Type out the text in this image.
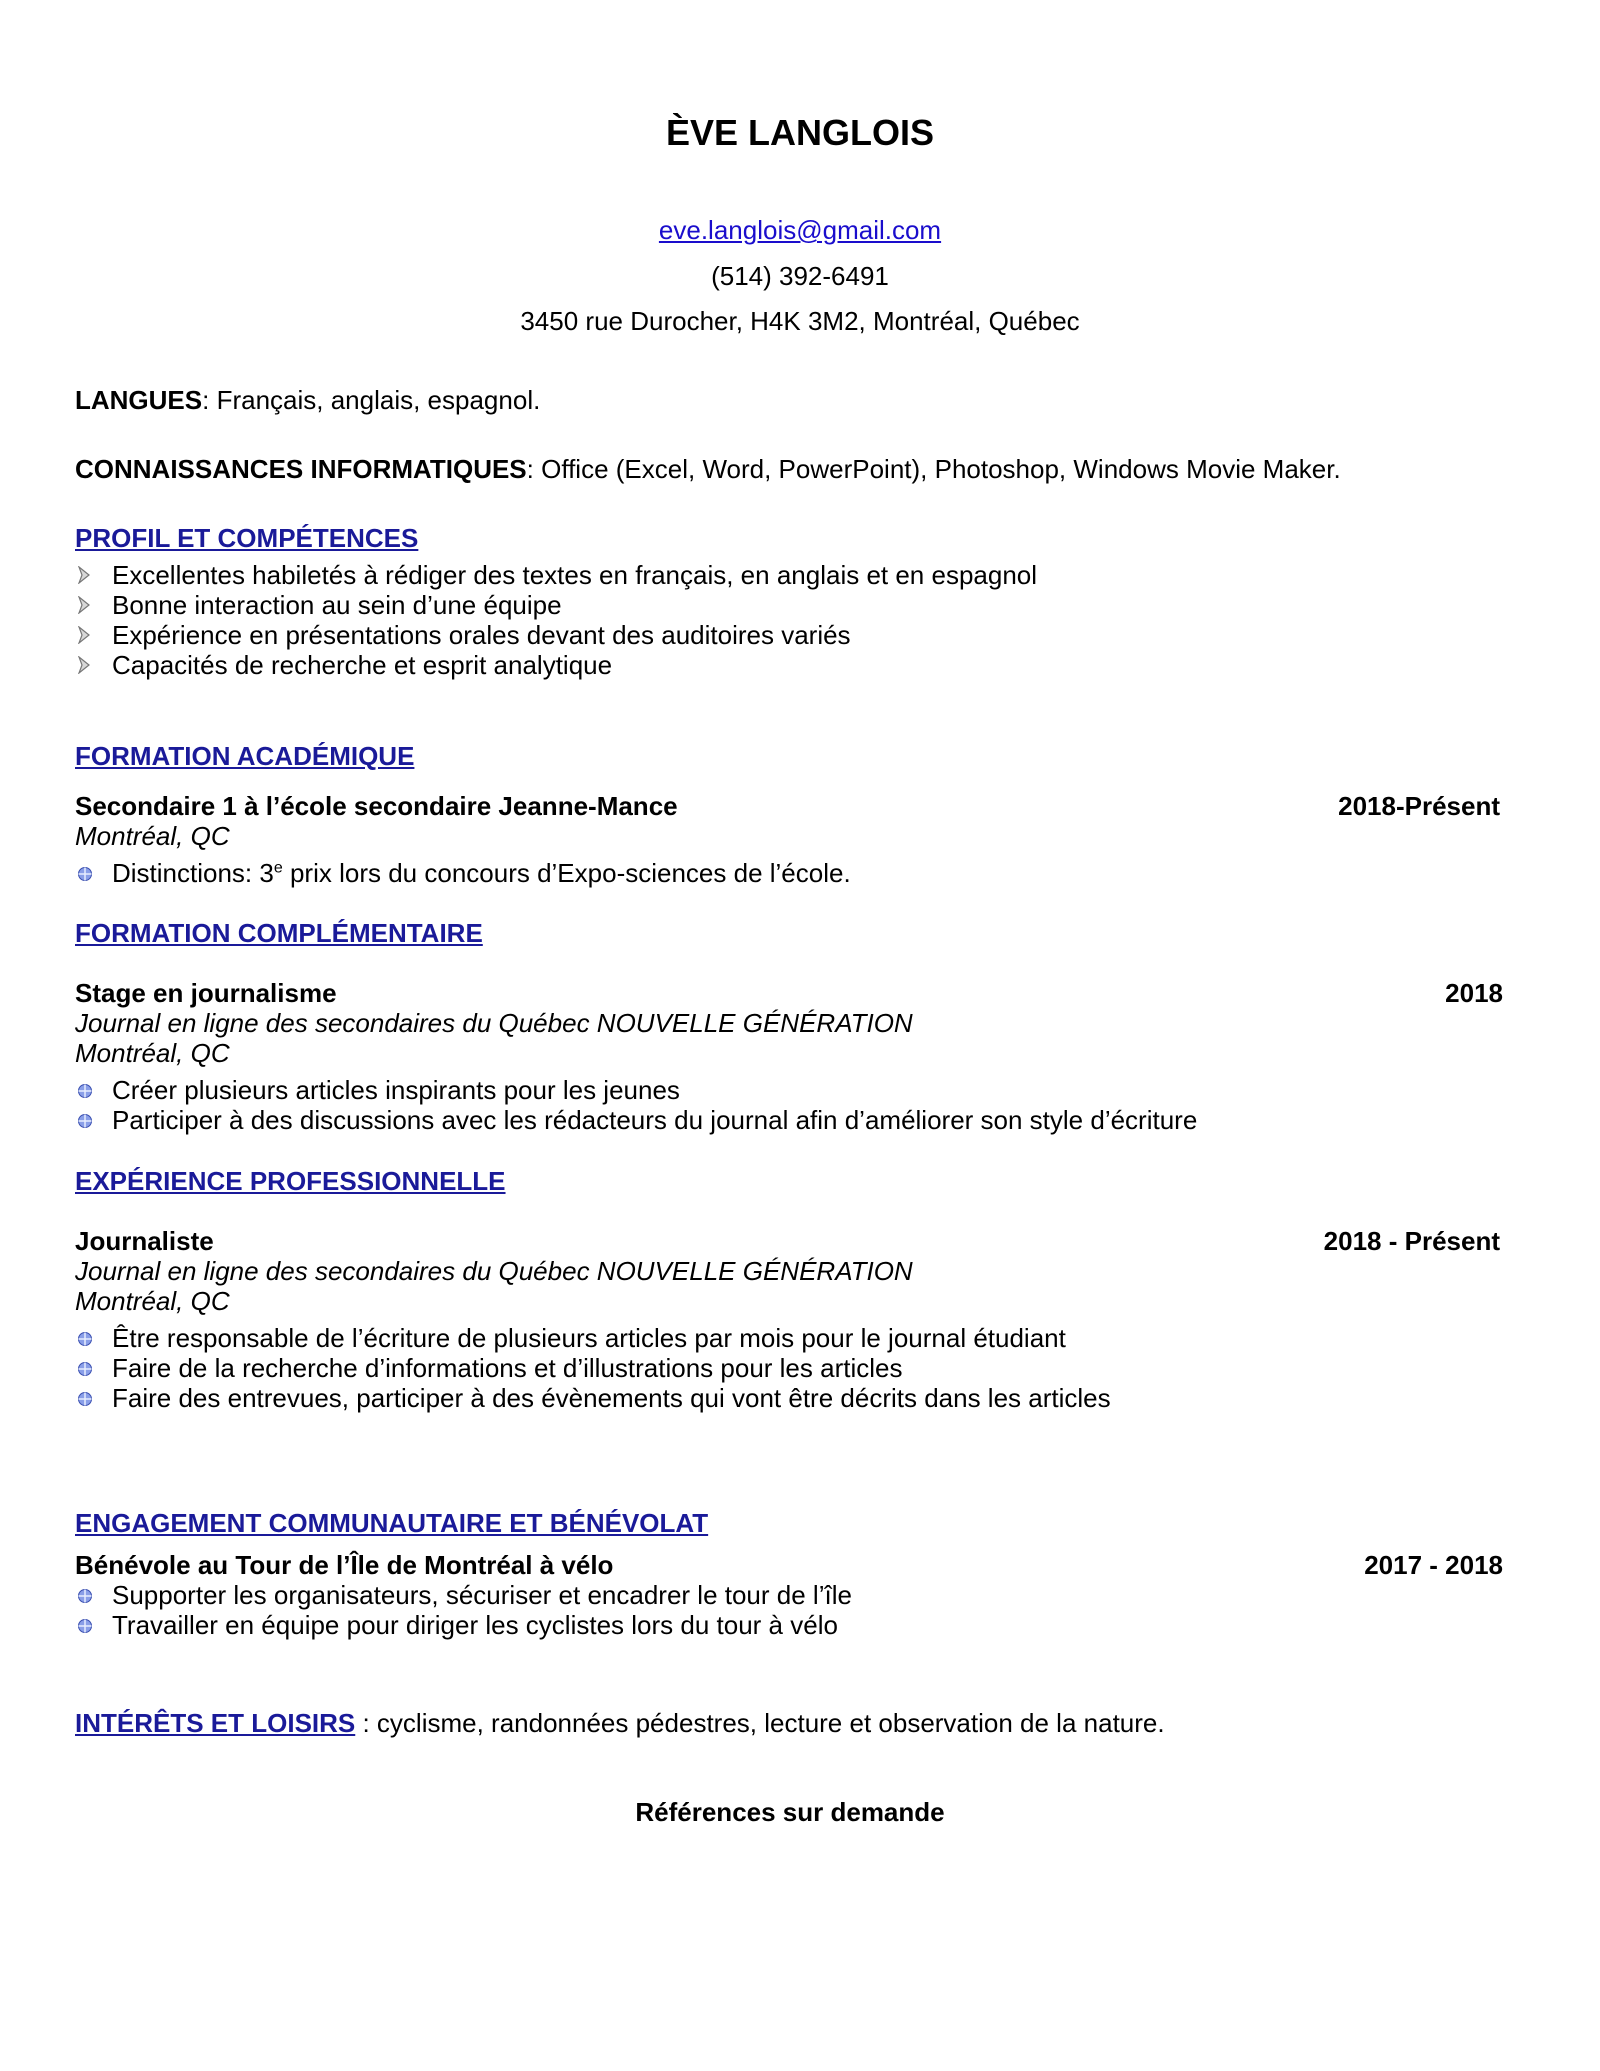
ÈVE LANGLOIS
eve.langlois@gmail.com
(514) 392-6491
3450 rue Durocher, H4K 3M2, Montréal, Québec
LANGUES: Français, anglais, espagnol.
CONNAISSANCES INFORMATIQUES: Office (Excel, Word, PowerPoint), Photoshop, Windows Movie Maker.
PROFIL ET COMPÉTENCES
Excellentes habiletés à rédiger des textes en français, en anglais et en espagnol
Bonne interaction au sein d’une équipe
Expérience en présentations orales devant des auditoires variés
Capacités de recherche et esprit analytique
FORMATION ACADÉMIQUE
Secondaire 1 à l’école secondaire Jeanne-Mance	2018-Présent
Montréal, QC
Distinctions: 3e prix lors du concours d’Expo-sciences de l’école.
FORMATION COMPLÉMENTAIRE
Stage en journalisme	2018
Journal en ligne des secondaires du Québec NOUVELLE GÉNÉRATION
Montréal, QC
Créer plusieurs articles inspirants pour les jeunes
Participer à des discussions avec les rédacteurs du journal afin d’améliorer son style d’écriture
EXPÉRIENCE PROFESSIONNELLE
Journaliste	2018 - Présent
Journal en ligne des secondaires du Québec NOUVELLE GÉNÉRATION
Montréal, QC
Être responsable de l’écriture de plusieurs articles par mois pour le journal étudiant
Faire de la recherche d’informations et d’illustrations pour les articles
Faire des entrevues, participer à des évènements qui vont être décrits dans les articles
ENGAGEMENT COMMUNAUTAIRE ET BÉNÉVOLAT
Bénévole au Tour de l’Île de Montréal à vélo	2017 - 2018
Supporter les organisateurs, sécuriser et encadrer le tour de l’île
Travailler en équipe pour diriger les cyclistes lors du tour à vélo
INTÉRÊTS ET LOISIRS : cyclisme, randonnées pédestres, lecture et observation de la nature.
Références sur demande
